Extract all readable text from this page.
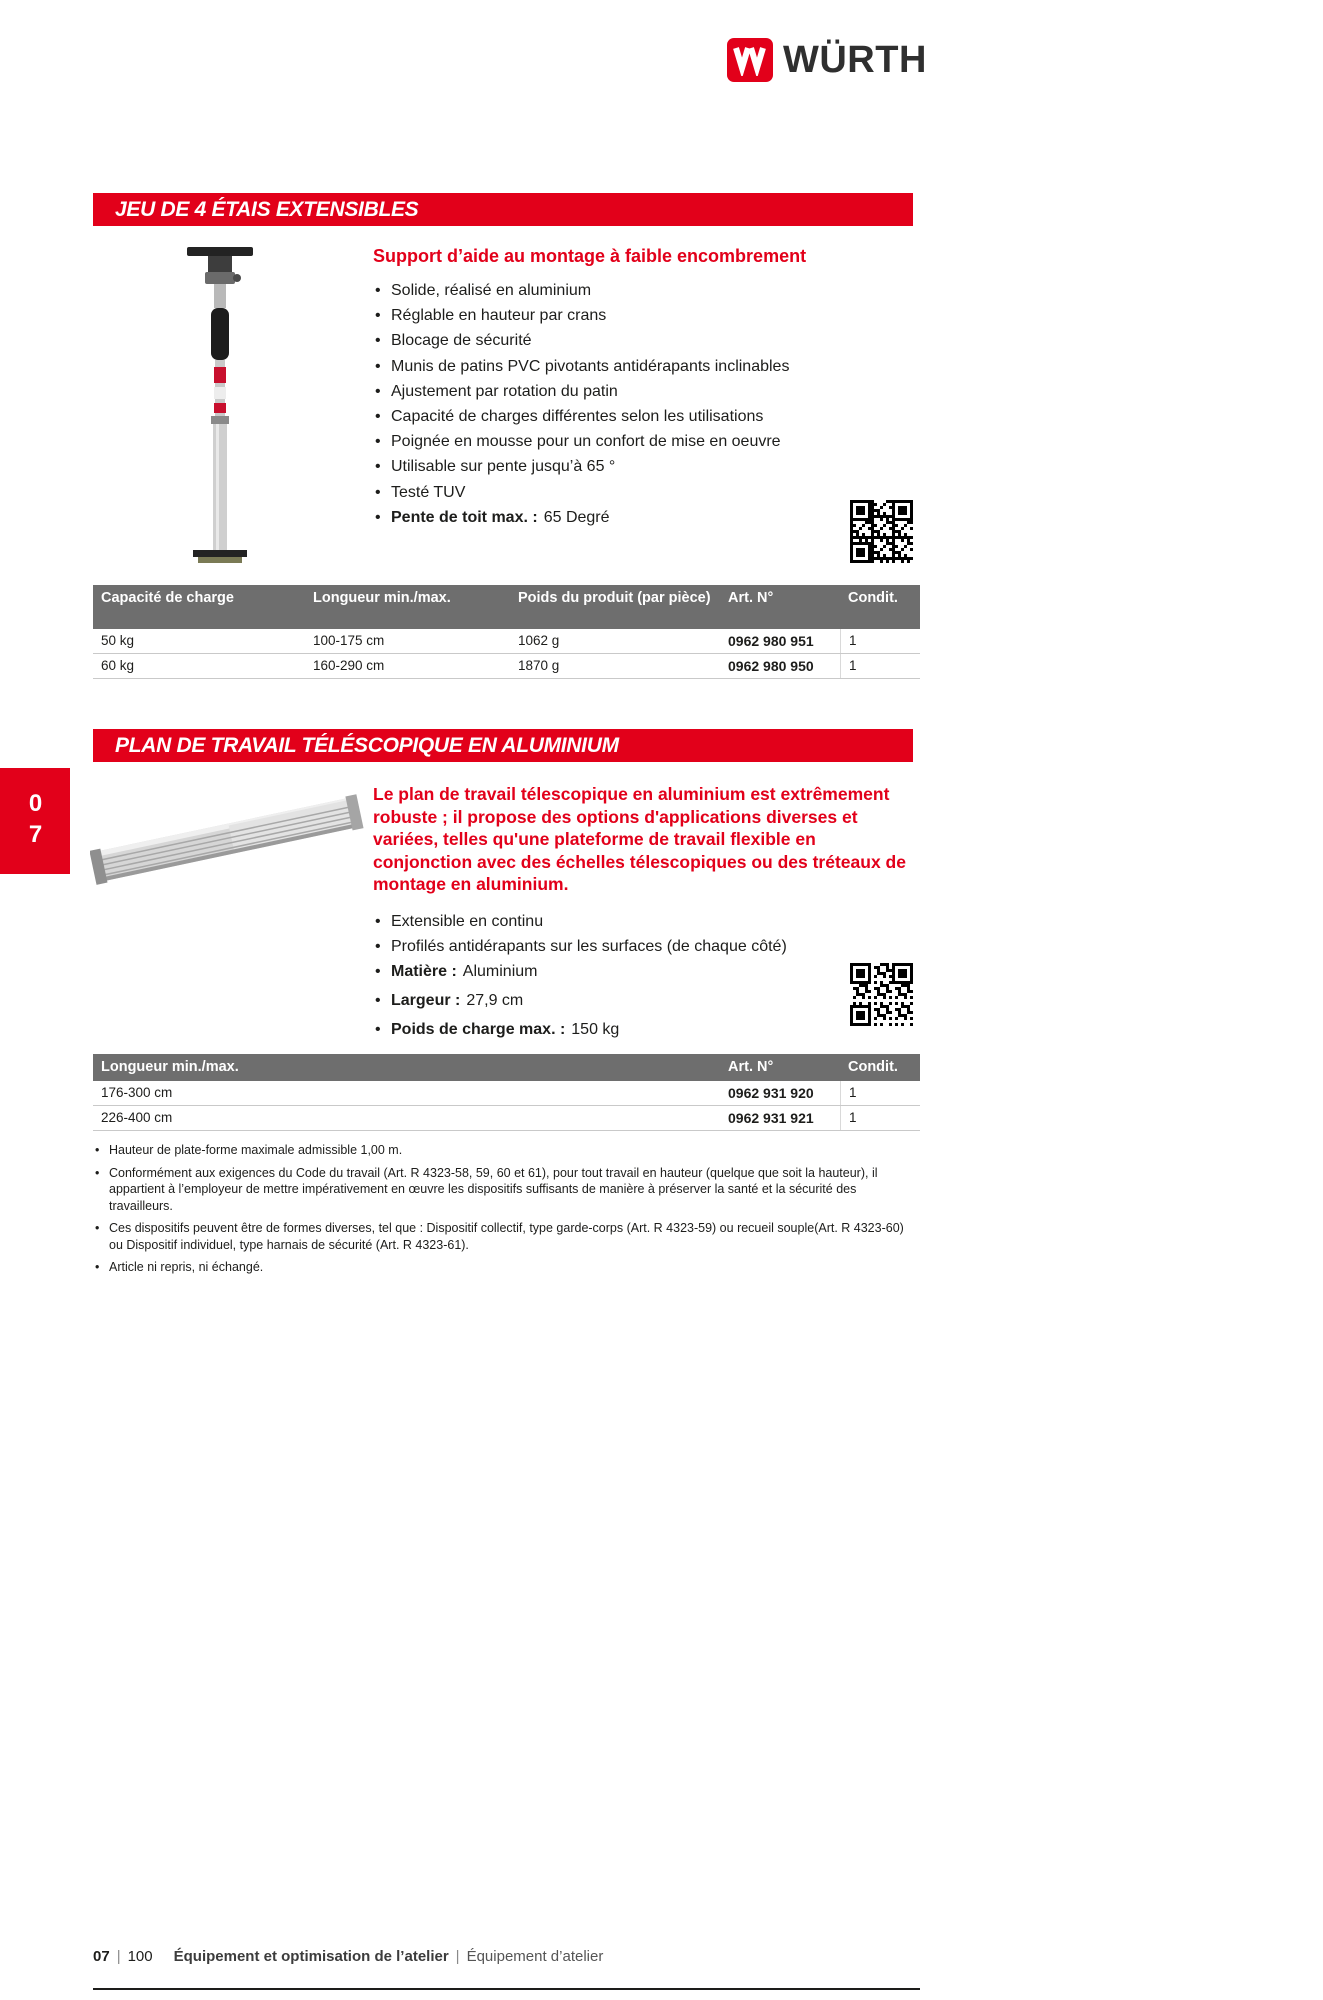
WÜRTH
JEU DE 4 ÉTAIS EXTENSIBLES
Support d’aide au montage à faible encombrement
• Solide, réalisé en aluminium
• Réglable en hauteur par crans
• Blocage de sécurité
• Munis de patins PVC pivotants antidérapants inclinables
• Ajustement par rotation du patin
• Capacité de charges différentes selon les utilisations
• Poignée en mousse pour un confort de mise en oeuvre
• Utilisable sur pente jusqu’à 65 °
• Testé TUV
• Pente de toit max. : 65 Degré
Capacité de charge	Longueur min./max.	Poids du produit (par pièce)	Art. N°	Condit.
50 kg	100-175 cm	1062 g	0962 980 951	1
60 kg	160-290 cm	1870 g	0962 980 950	1
PLAN DE TRAVAIL TÉLÉSCOPIQUE EN ALUMINIUM
07	Le plan de travail télescopique en aluminium est extrêmement robuste ; il propose des options d'applications diverses et variées, telles qu'une plateforme de travail flexible en conjonction avec des échelles télescopiques ou des tréteaux de montage en aluminium.

• Extensible en continu
• Profilés antidérapants sur les surfaces (de chaque côté)
• Matière : Aluminium
• Largeur : 27,9 cm
• Poids de charge max. : 150 kg
Longueur min./max.	Art. N°	Condit.
176-300 cm	0962 931 920	1
226-400 cm	0962 931 921	1
• Hauteur de plate-forme maximale admissible 1,00 m.
• Conformément aux exigences du Code du travail (Art. R 4323-58, 59, 60 et 61), pour tout travail en hauteur (quelque que soit la hauteur), il appartient à l’employeur de mettre impérativement en œuvre les dispositifs suffisants de manière à préserver la santé et la sécurité des travailleurs.
• Ces dispositifs peuvent être de formes diverses, tel que : Dispositif collectif, type garde-corps (Art. R 4323-59) ou recueil souple(Art. R 4323-60) ou Dispositif individuel, type harnais de sécurité (Art. R 4323-61).
• Article ni repris, ni échangé.
07 | 100 Équipement et optimisation de l’atelier | Équipement d’atelier
